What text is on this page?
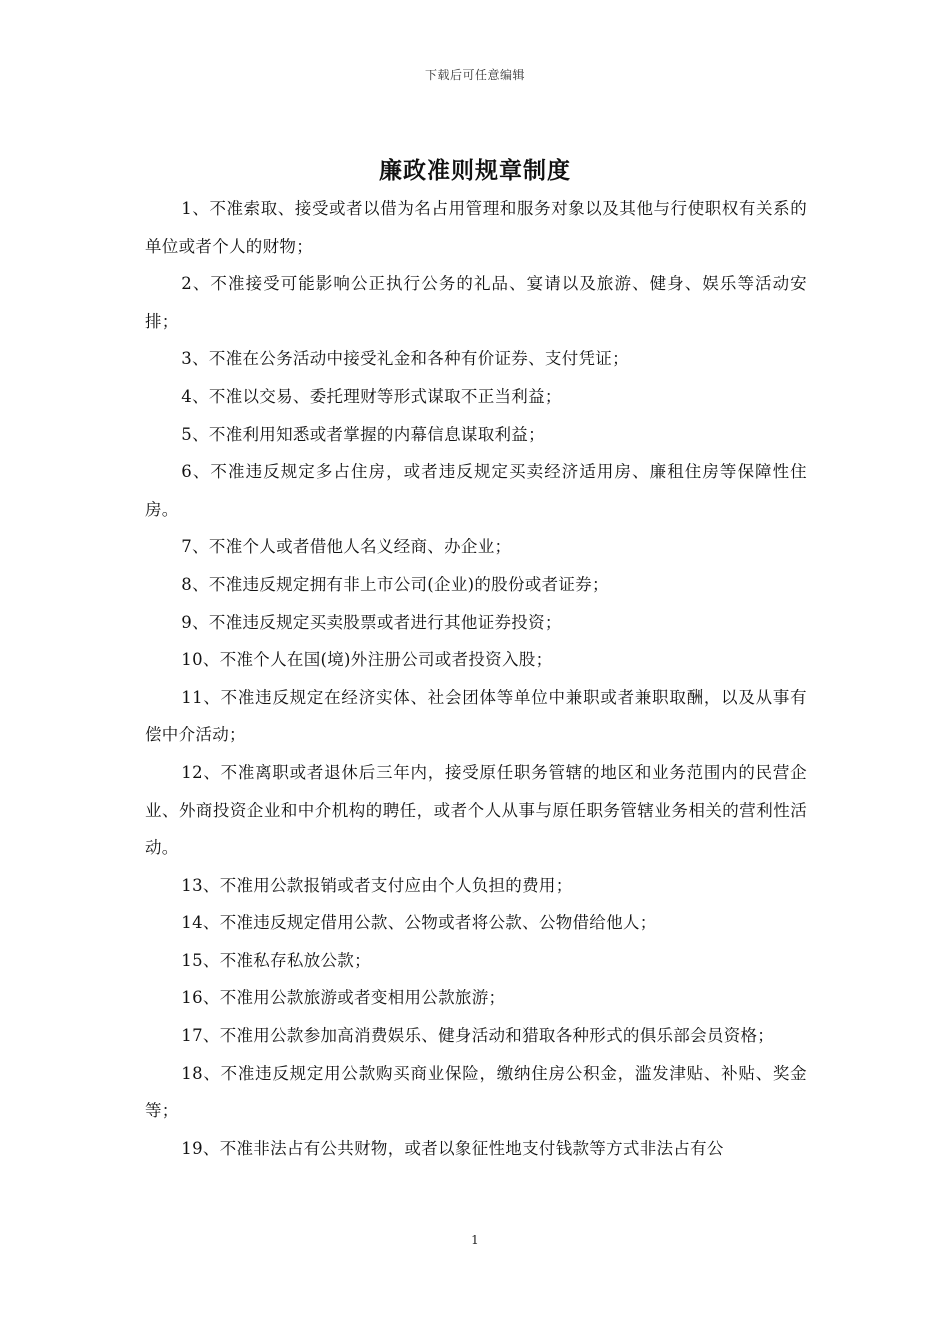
下载后可任意编辑
廉政准则规章制度

1、不准索取、接受或者以借为名占用管理和服务对象以及其他与行使职权有关系的单位或者个人的财物；

2、不准接受可能影响公正执行公务的礼品、宴请以及旅游、健身、娱乐等活动安排；

3、不准在公务活动中接受礼金和各种有价证券、支付凭证；

4、不准以交易、委托理财等形式谋取不正当利益；

5、不准利用知悉或者掌握的内幕信息谋取利益；

6、不准违反规定多占住房，或者违反规定买卖经济适用房、廉租住房等保障性住房。

7、不准个人或者借他人名义经商、办企业；

8、不准违反规定拥有非上市公司(企业)的股份或者证券；

9、不准违反规定买卖股票或者进行其他证券投资；

10、不准个人在国(境)外注册公司或者投资入股；

11、不准违反规定在经济实体、社会团体等单位中兼职或者兼职取酬，以及从事有偿中介活动；

12、不准离职或者退休后三年内，接受原任职务管辖的地区和业务范围内的民营企业、外商投资企业和中介机构的聘任，或者个人从事与原任职务管辖业务相关的营利性活动。

13、不准用公款报销或者支付应由个人负担的费用；

14、不准违反规定借用公款、公物或者将公款、公物借给他人；

15、不准私存私放公款；

16、不准用公款旅游或者变相用公款旅游；

17、不准用公款参加高消费娱乐、健身活动和猎取各种形式的俱乐部会员资格；

18、不准违反规定用公款购买商业保险，缴纳住房公积金，滥发津贴、补贴、奖金等；

19、不准非法占有公共财物，或者以象征性地支付钱款等方式非法占有公

1
